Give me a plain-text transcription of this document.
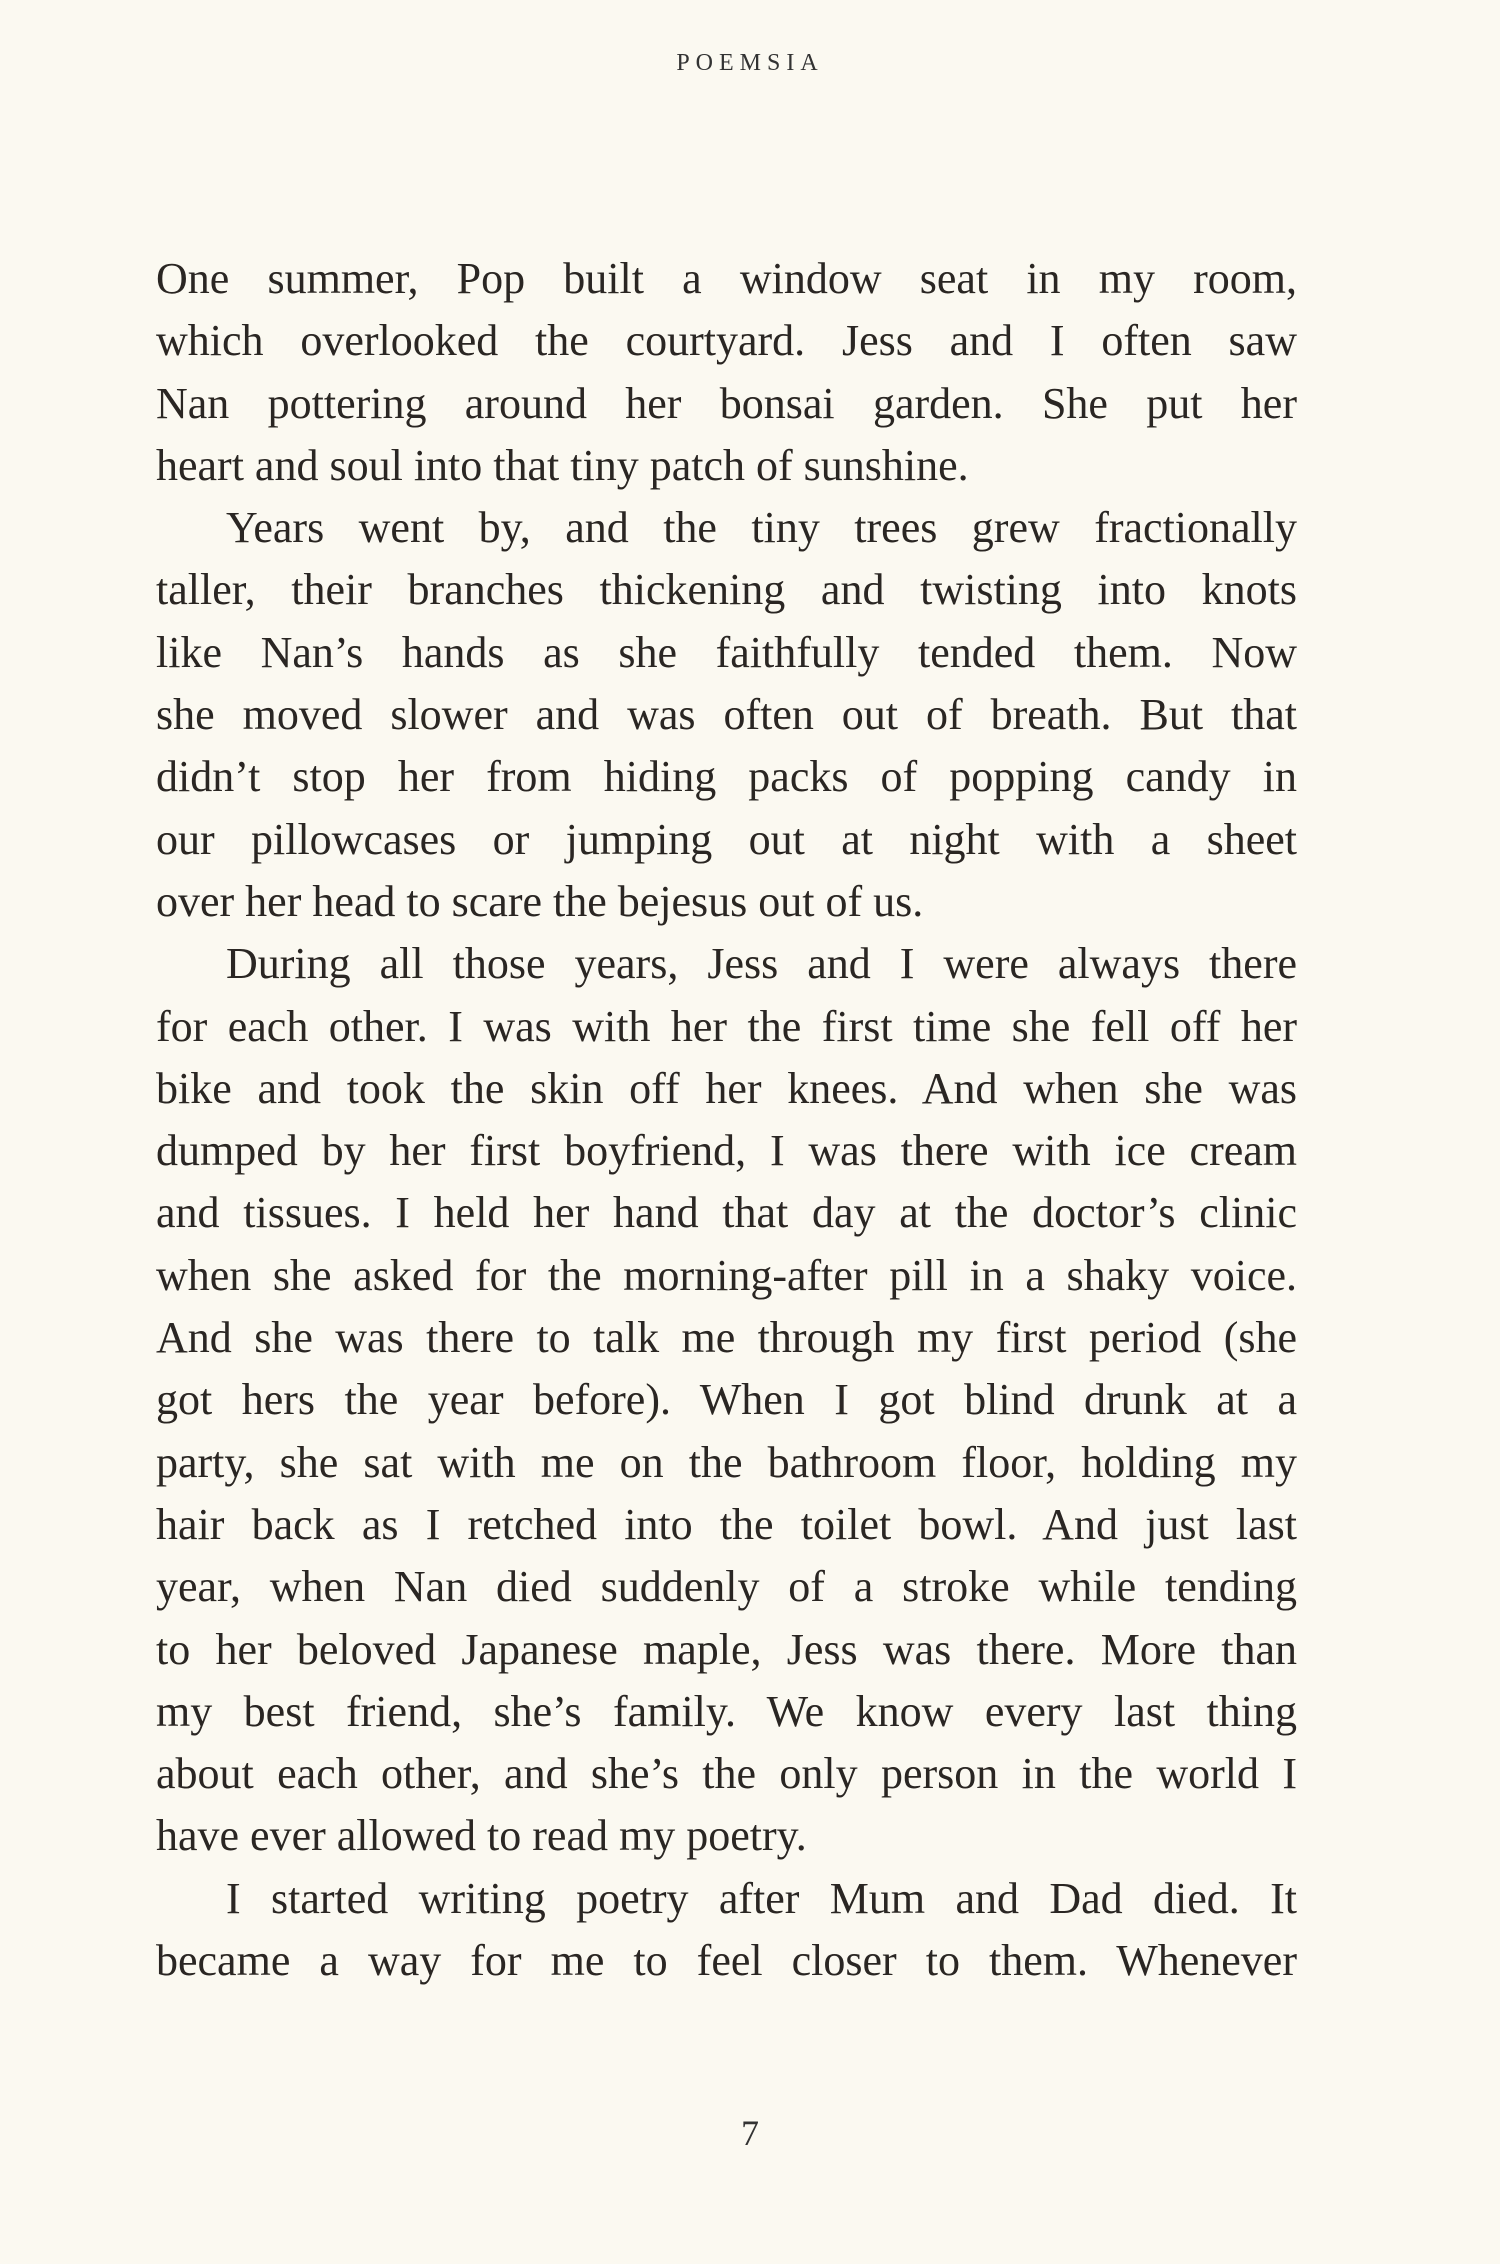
POEMSIA
One summer, Pop built a window seat in my room,
which overlooked the courtyard. Jess and I often saw
Nan pottering around her bonsai garden. She put her
heart and soul into that tiny patch of sunshine.
Years went by, and the tiny trees grew fractionally
taller, their branches thickening and twisting into knots
like Nan’s hands as she faithfully tended them. Now
she moved slower and was often out of breath. But that
didn’t stop her from hiding packs of popping candy in
our pillowcases or jumping out at night with a sheet
over her head to scare the bejesus out of us.
During all those years, Jess and I were always there
for each other. I was with her the first time she fell off her
bike and took the skin off her knees. And when she was
dumped by her first boyfriend, I was there with ice cream
and tissues. I held her hand that day at the doctor’s clinic
when she asked for the morning-after pill in a shaky voice.
And she was there to talk me through my first period (she
got hers the year before). When I got blind drunk at a
party, she sat with me on the bathroom floor, holding my
hair back as I retched into the toilet bowl. And just last
year, when Nan died suddenly of a stroke while tending
to her beloved Japanese maple, Jess was there. More than
my best friend, she’s family. We know every last thing
about each other, and she’s the only person in the world I
have ever allowed to read my poetry.
I started writing poetry after Mum and Dad died. It
became a way for me to feel closer to them. Whenever
7
